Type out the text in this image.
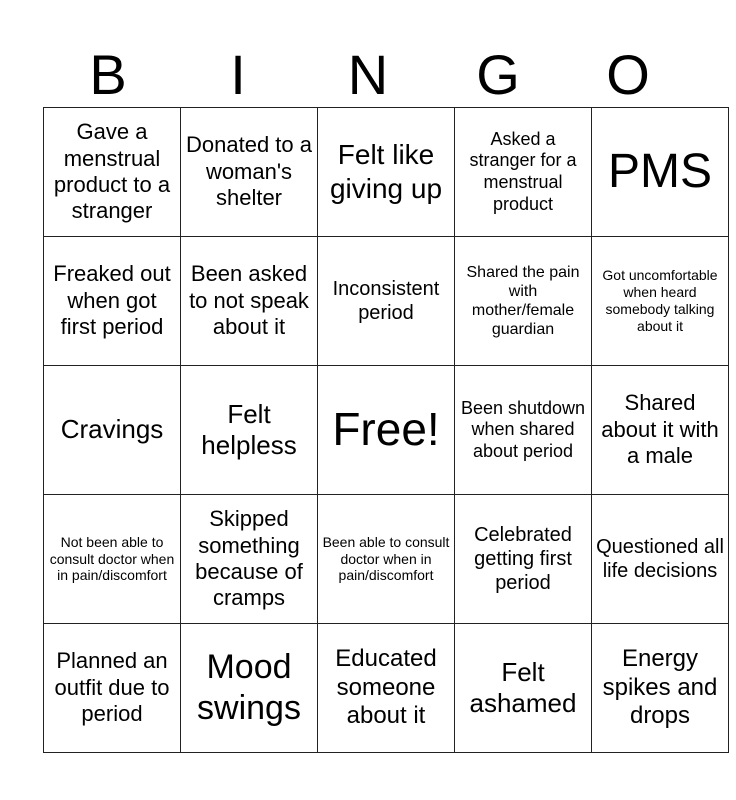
B	I	N	G	O
Gave a menstrual product to a stranger	Donated to a woman's shelter	Felt like giving up	Asked a stranger for a menstrual product	PMS
Freaked out when got first period	Been asked to not speak about it	Inconsistent period	Shared the pain with mother/female guardian	Got uncomfortable when heard somebody talking about it
Cravings	Felt helpless	Free!	Been shutdown when shared about period	Shared about it with a male
Not been able to consult doctor when in pain/discomfort	Skipped something because of cramps	Been able to consult doctor when in pain/discomfort	Celebrated getting first period	Questioned all life decisions
Planned an outfit due to period	Mood swings	Educated someone about it	Felt ashamed	Energy spikes and drops
